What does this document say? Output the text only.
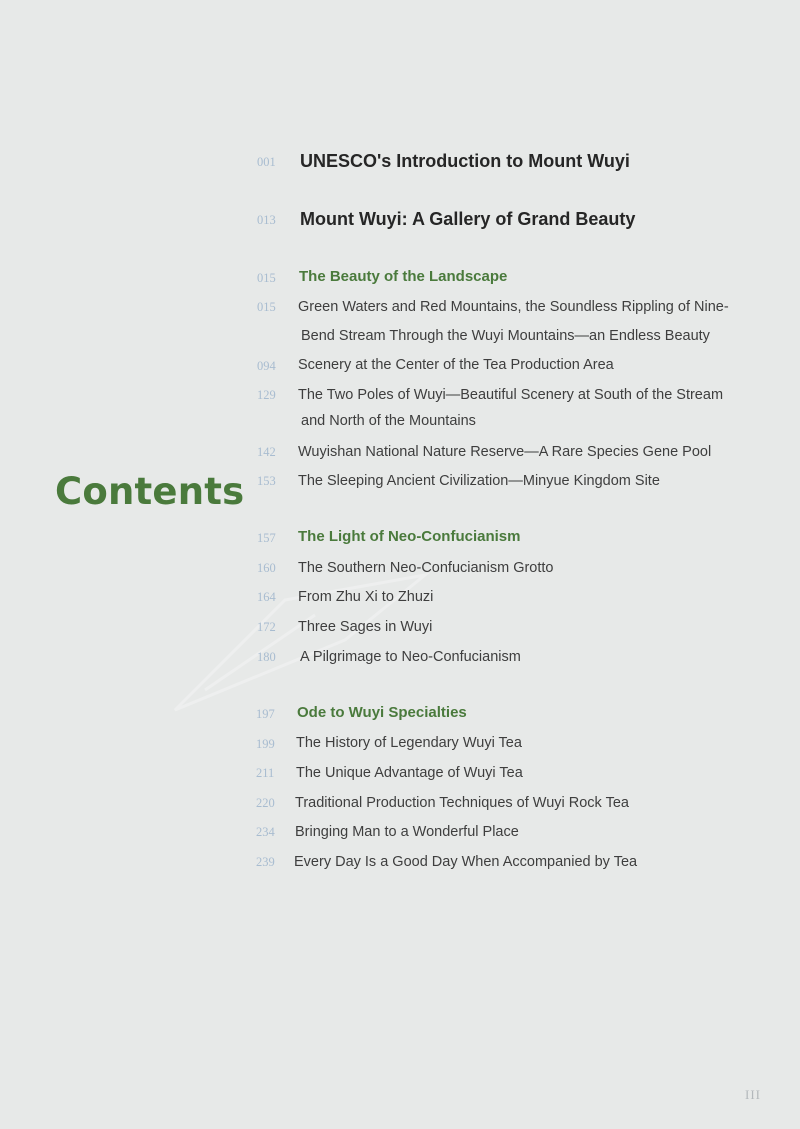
Contents
001	UNESCO's Introduction to Mount Wuyi
013	Mount Wuyi: A Gallery of Grand Beauty
015	The Beauty of the Landscape
015	Green Waters and Red Mountains, the Soundless Rippling of Nine-
Bend Stream Through the Wuyi Mountains—an Endless Beauty
094	Scenery at the Center of the Tea Production Area
129	The Two Poles of Wuyi—Beautiful Scenery at South of the Stream
and North of the Mountains
142	Wuyishan National Nature Reserve—A Rare Species Gene Pool
153	The Sleeping Ancient Civilization—Minyue Kingdom Site
157	The Light of Neo-Confucianism
160	The Southern Neo-Confucianism Grotto
164	From Zhu Xi to Zhuzi
172	Three Sages in Wuyi
180	A Pilgrimage to Neo-Confucianism
197	Ode to Wuyi Specialties
199	The History of Legendary Wuyi Tea
211	The Unique Advantage of Wuyi Tea
220	Traditional Production Techniques of Wuyi Rock Tea
234	Bringing Man to a Wonderful Place
239	Every Day Is a Good Day When Accompanied by Tea
III
